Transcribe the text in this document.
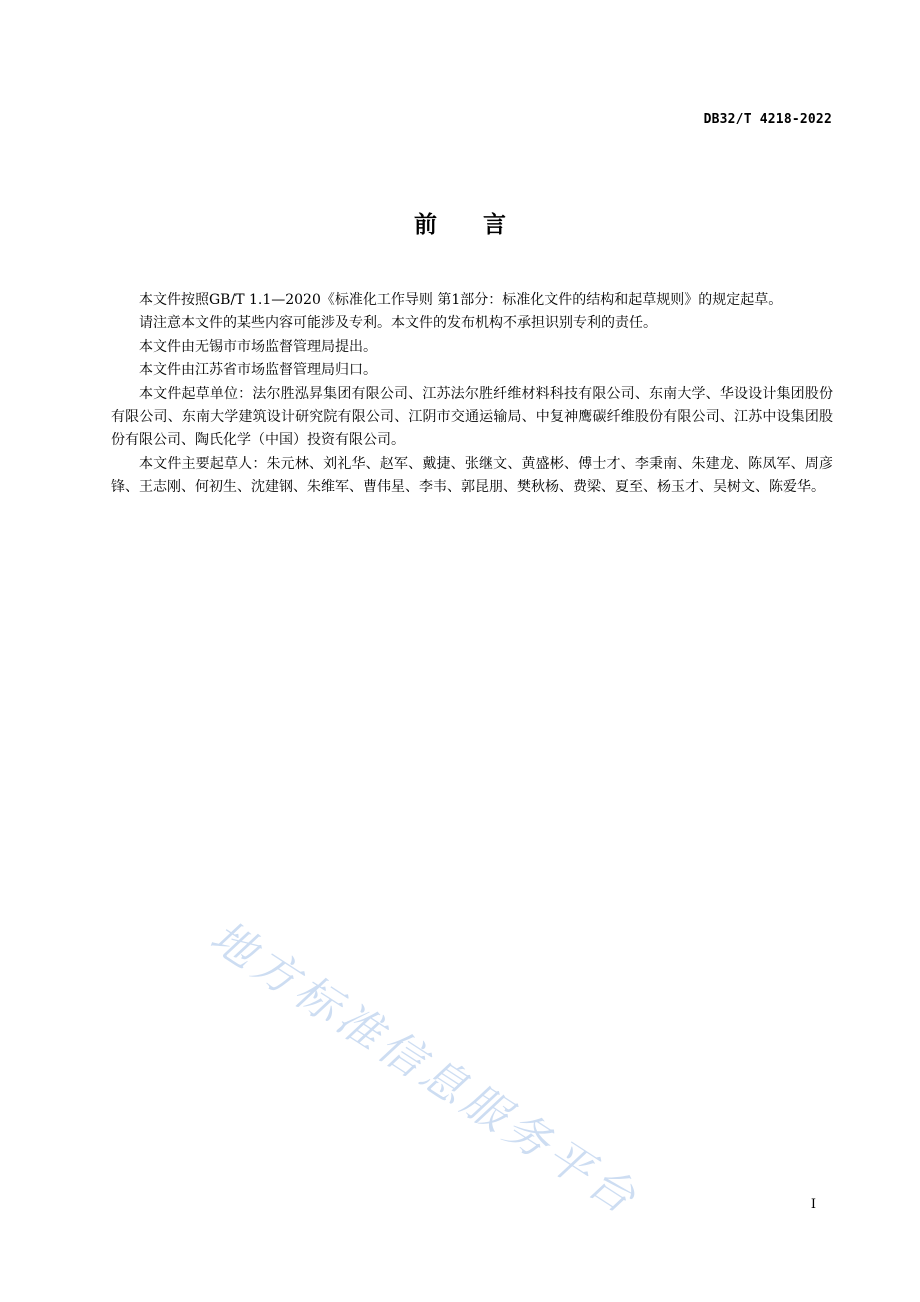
DB32/T 4218-2022
前言

本文件按照GB/T 1.1—2020《标准化工作导则 第1部分：标准化文件的结构和起草规则》的规定起草。

请注意本文件的某些内容可能涉及专利。本文件的发布机构不承担识别专利的责任。

本文件由无锡市市场监督管理局提出。

本文件由江苏省市场监督管理局归口。

本文件起草单位：法尔胜泓昇集团有限公司、江苏法尔胜纤维材料科技有限公司、东南大学、华设设计集团股份有限公司、东南大学建筑设计研究院有限公司、江阴市交通运输局、中复神鹰碳纤维股份有限公司、江苏中设集团股份有限公司、陶氏化学（中国）投资有限公司。

本文件主要起草人：朱元林、刘礼华、赵军、戴捷、张继文、黄盛彬、傅士才、李秉南、朱建龙、陈凤军、周彦锋、王志刚、何初生、沈建钢、朱维军、曹伟星、李韦、郭昆朋、樊秋杨、费梁、夏至、杨玉才、吴树文、陈爱华。

地方标准信息服务平台	I
